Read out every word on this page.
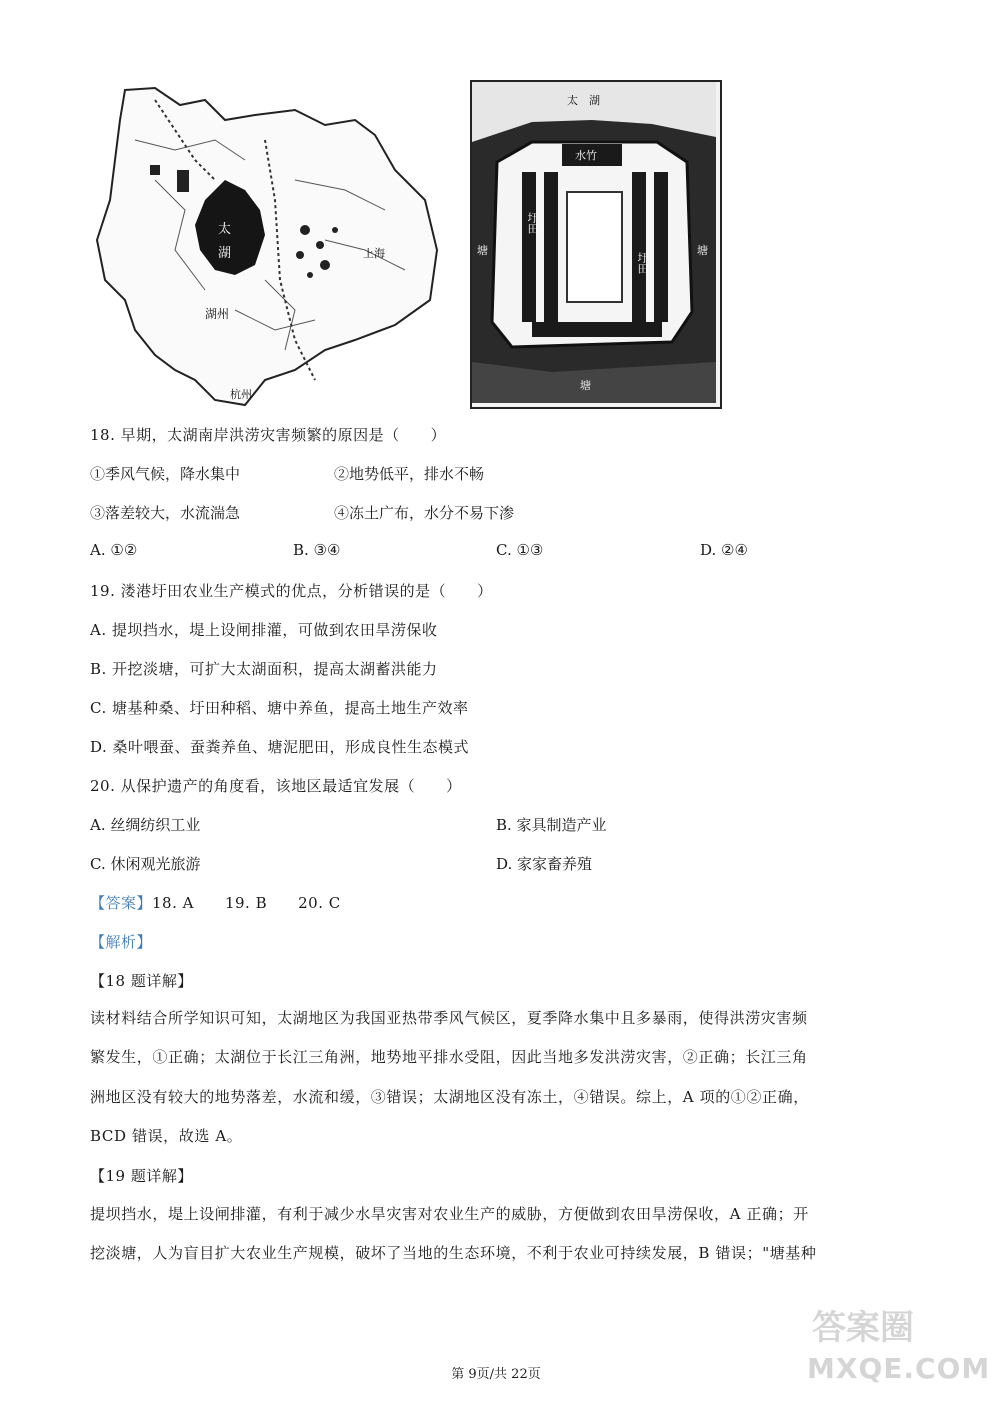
太
湖
湖州
杭州
上海
太　湖
水竹
圩田
圩田
塘	塘
塘
18. 早期，太湖南岸洪涝灾害频繁的原因是（　　）
①季风气候，降水集中	②地势低平，排水不畅
③落差较大，水流湍急	④冻土广布，水分不易下渗
A. ①②	B. ③④	C. ①③	D. ②④
19. 溇港圩田农业生产模式的优点，分析错误的是（　　）
A. 提坝挡水，堤上设闸排灌，可做到农田旱涝保收
B. 开挖淡塘，可扩大太湖面积，提高太湖蓄洪能力
C. 塘基种桑、圩田种稻、塘中养鱼，提高土地生产效率
D. 桑叶喂蚕、蚕粪养鱼、塘泥肥田，形成良性生态模式
20. 从保护遗产的角度看，该地区最适宜发展（　　）
A. 丝绸纺织工业	B. 家具制造产业
C. 休闲观光旅游	D. 家家畜养殖
【答案】18. A　　19. B　　20. C
【解析】
【18 题详解】
读材料结合所学知识可知，太湖地区为我国亚热带季风气候区，夏季降水集中且多暴雨，使得洪涝灾害频
繁发生，①正确；太湖位于长江三角洲，地势地平排水受阻，因此当地多发洪涝灾害，②正确；长江三角
洲地区没有较大的地势落差，水流和缓，③错误；太湖地区没有冻土，④错误。综上，A 项的①②正确，
BCD 错误，故选 A。
【19 题详解】
提坝挡水，堤上设闸排灌，有利于减少水旱灾害对农业生产的威胁，方便做到农田旱涝保收，A 正确；开
挖淡塘，人为盲目扩大农业生产规模，破坏了当地的生态环境，不利于农业可持续发展，B 错误；"塘基种
第 9页/共 22页
答案圈
MXQE.COM
